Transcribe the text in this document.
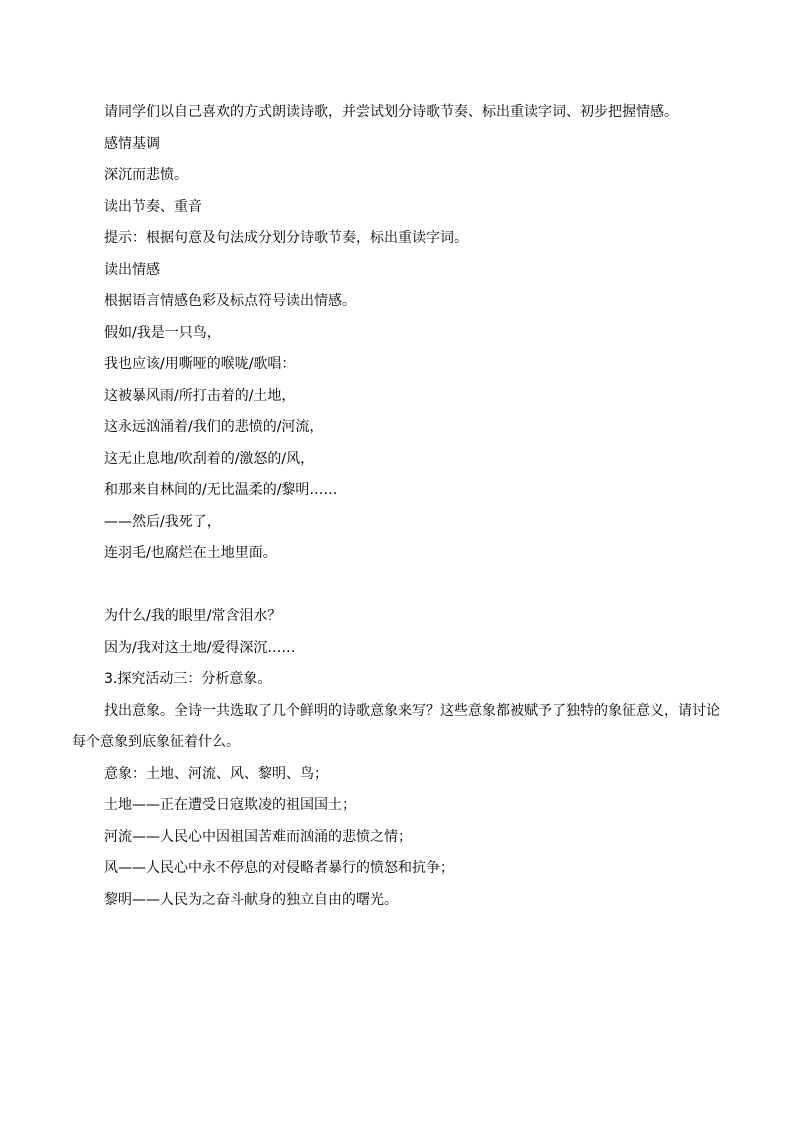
请同学们以自己喜欢的方式朗读诗歌，并尝试划分诗歌节奏、标出重读字词、初步把握情感。

感情基调

深沉而悲愤。

读出节奏、重音

提示：根据句意及句法成分划分诗歌节奏，标出重读字词。

读出情感

根据语言情感色彩及标点符号读出情感。

假如/我是一只鸟，

我也应该/用嘶哑的喉咙/歌唱：

这被暴风雨/所打击着的/土地，

这永远汹涌着/我们的悲愤的/河流，

这无止息地/吹刮着的/激怒的/风，

和那来自林间的/无比温柔的/黎明……

——然后/我死了，

连羽毛/也腐烂在土地里面。

为什么/我的眼里/常含泪水？

因为/我对这土地/爱得深沉……

3.探究活动三：分析意象。

找出意象。全诗一共选取了几个鲜明的诗歌意象来写？这些意象都被赋予了独特的象征意义，请讨论每个意象到底象征着什么。

意象：土地、河流、风、黎明、鸟；

土地——正在遭受日寇欺凌的祖国国土；

河流——人民心中因祖国苦难而汹涌的悲愤之情；

风——人民心中永不停息的对侵略者暴行的愤怒和抗争；

黎明——人民为之奋斗献身的独立自由的曙光。
